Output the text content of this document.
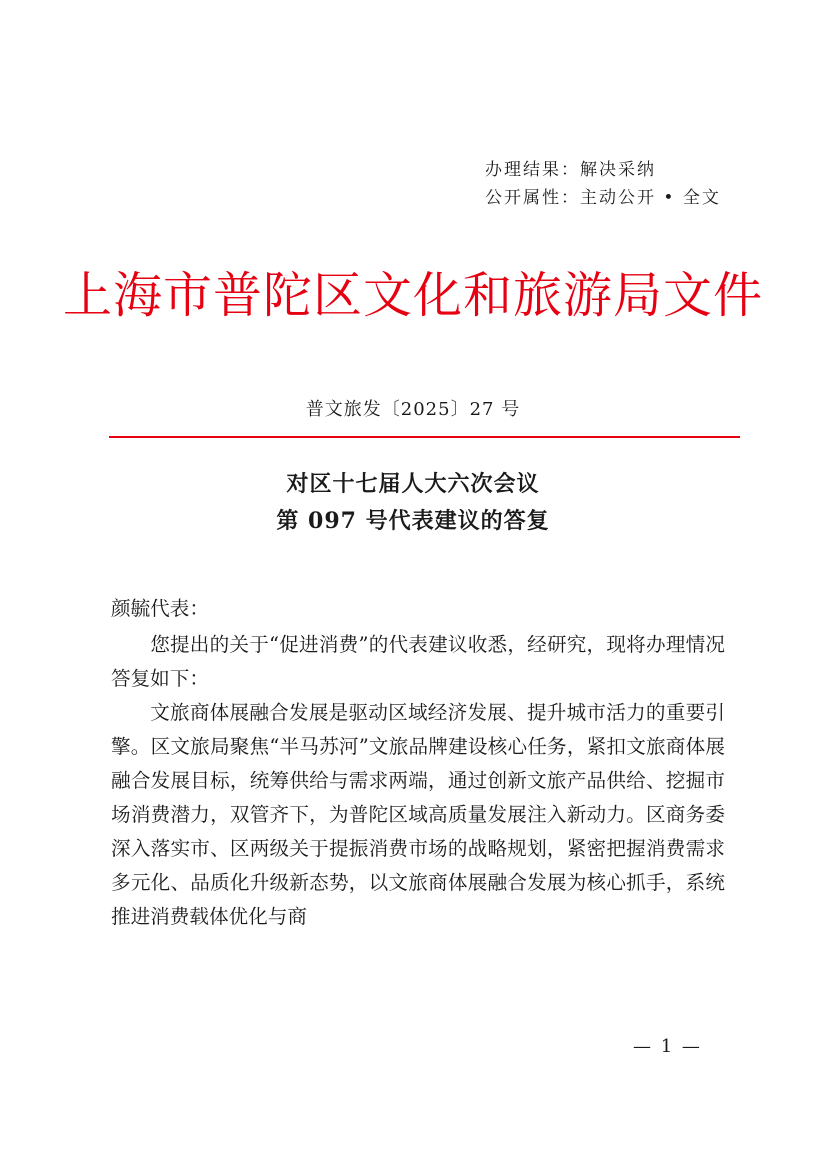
办理结果：解决采纳
公开属性：主动公开 • 全文
上海市普陀区文化和旅游局文件
普文旅发〔2025〕27 号
对区十七届人大六次会议
第 097 号代表建议的答复

颜毓代表：

您提出的关于“促进消费”的代表建议收悉，经研究，现将办理情况答复如下：

文旅商体展融合发展是驱动区域经济发展、提升城市活力的重要引擎。区文旅局聚焦“半马苏河”文旅品牌建设核心任务，紧扣文旅商体展融合发展目标，统筹供给与需求两端，通过创新文旅产品供给、挖掘市场消费潜力，双管齐下，为普陀区域高质量发展注入新动力。区商务委深入落实市、区两级关于提振消费市场的战略规划，紧密把握消费需求多元化、品质化升级新态势，以文旅商体展融合发展为核心抓手，系统推进消费载体优化与商

— 1 —
